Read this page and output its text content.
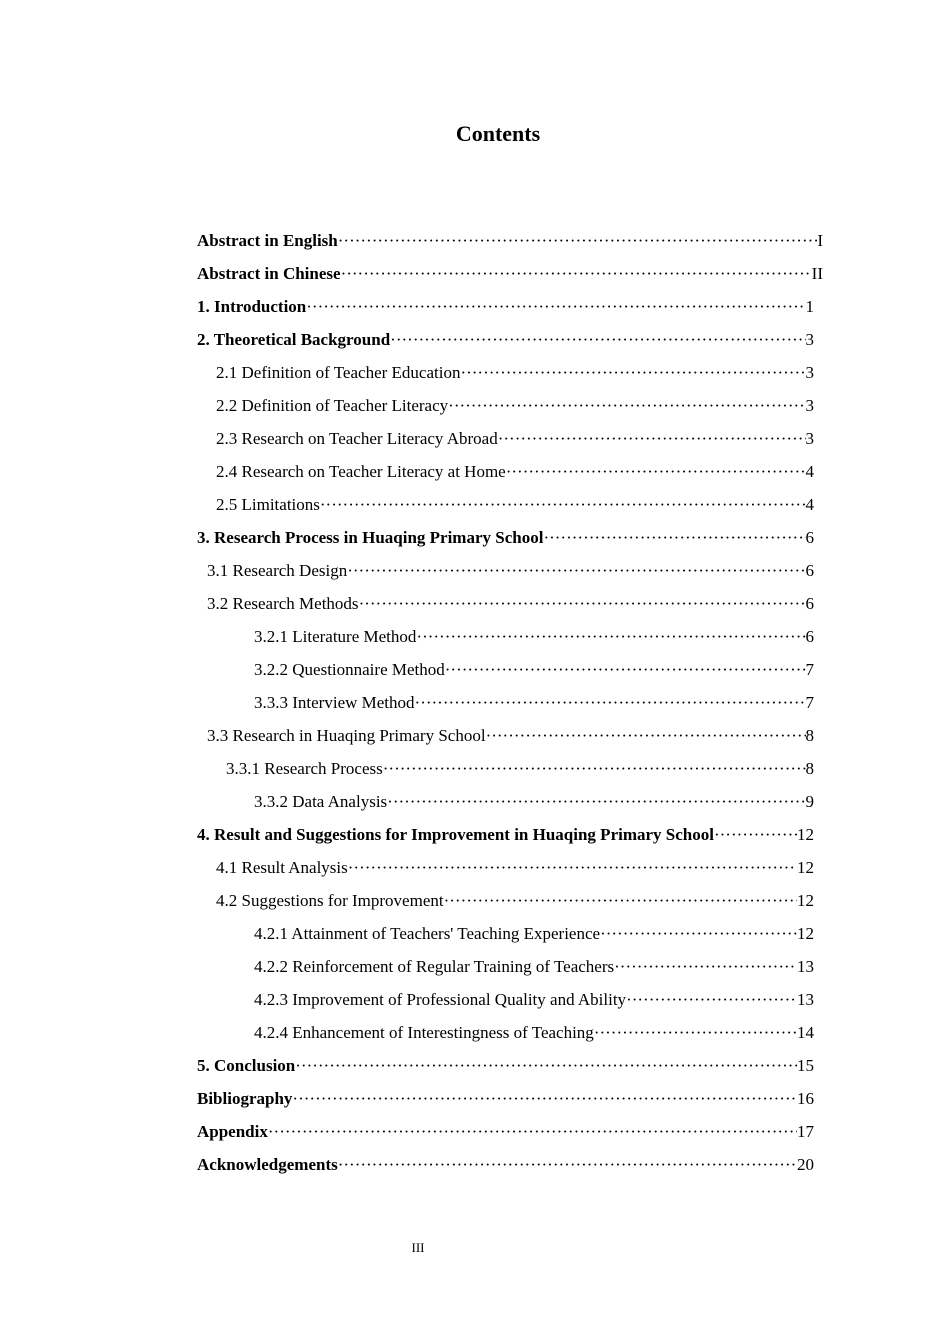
Contents
Abstract in English ·····	I
Abstract in Chinese ·····	II
1. Introduction ·····	1
2. Theoretical Background ·····	3
2.1 Definition of Teacher Education ·····	3
2.2 Definition of Teacher Literacy ·····	3
2.3 Research on Teacher Literacy Abroad ·····	3
2.4 Research on Teacher Literacy at Home ·····	4
2.5 Limitations ·····	4
3. Research Process in Huaqing Primary School ·····	6
3.1 Research Design ·····	6
3.2 Research Methods ·····	6
3.2.1 Literature Method ·····	6
3.2.2 Questionnaire Method ·····	7
3.3.3 Interview Method ·····	7
3.3 Research in Huaqing Primary School ·····	8
3.3.1 Research Process ·····	8
3.3.2 Data Analysis ·····	9
4. Result and Suggestions for Improvement in Huaqing Primary School ·····	12
4.1 Result Analysis ·····	12
4.2 Suggestions for Improvement ·····	12
4.2.1 Attainment of Teachers' Teaching Experience ·····	12
4.2.2 Reinforcement of Regular Training of Teachers ·····	13
4.2.3 Improvement of Professional Quality and Ability ·····	13
4.2.4 Enhancement of Interestingness of Teaching ·····	14
5. Conclusion ·····	15
Bibliography ·····	16
Appendix ·····	17
Acknowledgements ·····	20
III
